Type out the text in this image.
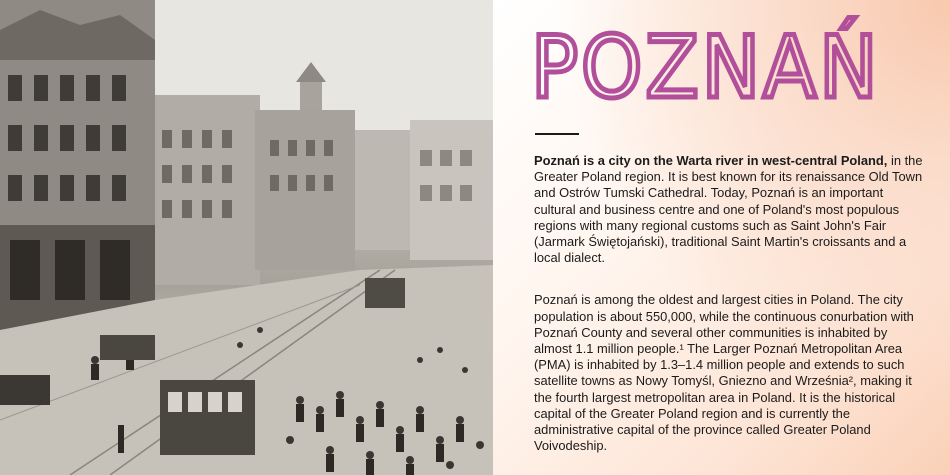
POZNAŃ

Poznań is a city on the Warta river in west-central Poland, in the Greater Poland region. It is best known for its renaissance Old Town and Ostrów Tumski Cathedral. Today, Poznań is an important cultural and business centre and one of Poland's most populous regions with many regional customs such as Saint John's Fair (Jarmark Świętojański), traditional Saint Martin's croissants and a local dialect.

Poznań is among the oldest and largest cities in Poland. The city population is about 550,000, while the continuous conurbation with Poznań County and several other communities is inhabited by almost 1.1 million people.¹ The Larger Poznań Metropolitan Area (PMA) is inhabited by 1.3–1.4 million people and extends to such satellite towns as Nowy Tomyśl, Gniezno and Września², making it the fourth largest metropolitan area in Poland. It is the historical capital of the Greater Poland region and is currently the administrative capital of the province called Greater Poland Voivodeship.
